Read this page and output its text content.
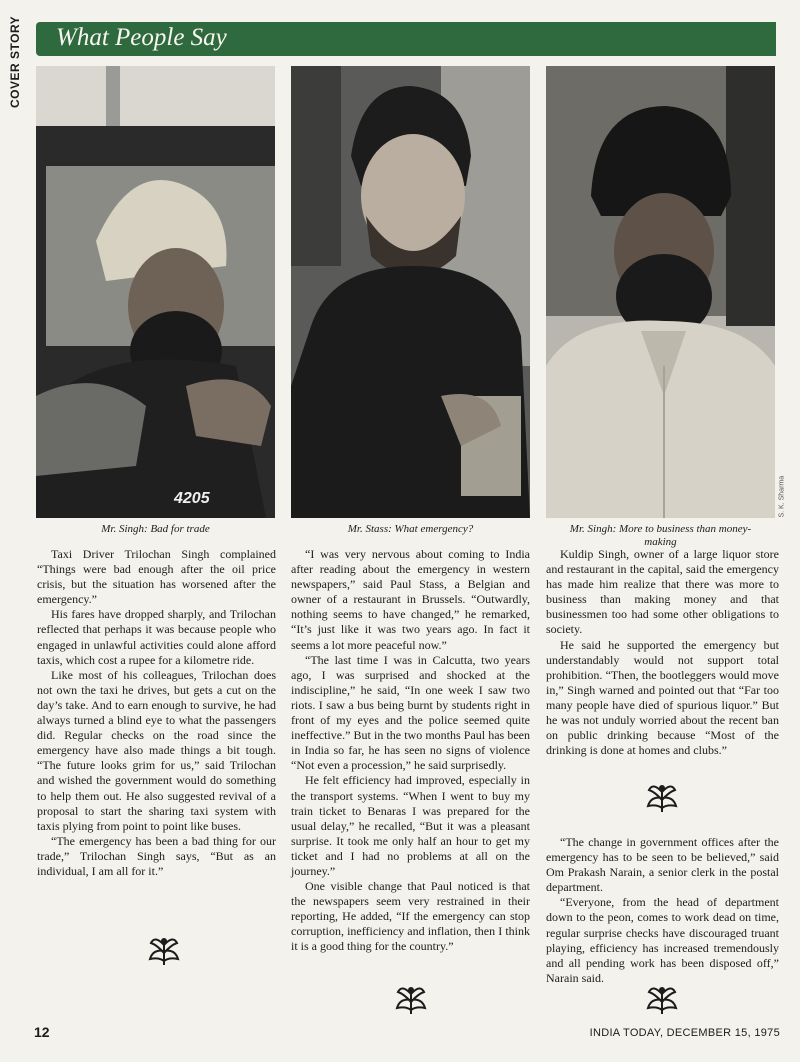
COVER STORY What People Say
4205	S. K. Sharma
Mr. Singh: Bad for trade	Mr. Stass: What emergency?	Mr. Singh: More to business than money-making

Taxi Driver Trilochan Singh complained “Things were bad enough after the oil price crisis, but the situation has worsened after the emergency.”

His fares have dropped sharply, and Trilochan reflected that perhaps it was because people who engaged in unlawful activities could alone afford taxis, which cost a rupee for a kilometre ride.

Like most of his colleagues, Trilochan does not own the taxi he drives, but gets a cut on the day’s take. And to earn enough to survive, he had always turned a blind eye to what the passengers did. Regular checks on the road since the emergency have also made things a bit tough. “The future looks grim for us,” said Trilochan and wished the government would do something to help them out. He also suggested revival of a proposal to start the sharing taxi system with taxis plying from point to point like buses.

“The emergency has been a bad thing for our trade,” Trilochan Singh says, “But as an individual, I am all for it.”

“I was very nervous about coming to India after reading about the emergency in western newspapers,” said Paul Stass, a Belgian and owner of a restaurant in Brussels. “Outwardly, nothing seems to have changed,” he remarked, “It’s just like it was two years ago. In fact it seems a lot more peaceful now.”

“The last time I was in Calcutta, two years ago, I was surprised and shocked at the indiscipline,” he said, “In one week I saw two riots. I saw a bus being burnt by students right in front of my eyes and the police seemed quite ineffective.” But in the two months Paul has been in India so far, he has seen no signs of violence “Not even a procession,” he said surprisedly.

He felt efficiency had improved, especially in the transport systems. “When I went to buy my train ticket to Benaras I was prepared for the usual delay,” he recalled, “But it was a pleasant surprise. It took me only half an hour to get my ticket and I had no problems at all on the journey.”

One visible change that Paul noticed is that the newspapers seem very restrained in their reporting, He added, “If the emergency can stop corruption, inefficiency and inflation, then I think it is a good thing for the country.”

Kuldip Singh, owner of a large liquor store and restaurant in the capital, said the emergency has made him realize that there was more to business than making money and that businessmen too had some other obligations to society.

He said he supported the emergency but understandably would not support total prohibition. “Then, the bootleggers would move in,” Singh warned and pointed out that “Far too many people have died of spurious liquor.” But he was not unduly worried about the recent ban on public drinking because “Most of the drinking is done at homes and clubs.”

“The change in government offices after the emergency has to be seen to be believed,” said Om Prakash Narain, a senior clerk in the postal department.

“Everyone, from the head of department down to the peon, comes to work dead on time, regular surprise checks have discouraged truant playing, efficiency has increased tremendously and all pending work has been disposed off,” Narain said.

12	INDIA TODAY, DECEMBER 15, 1975
